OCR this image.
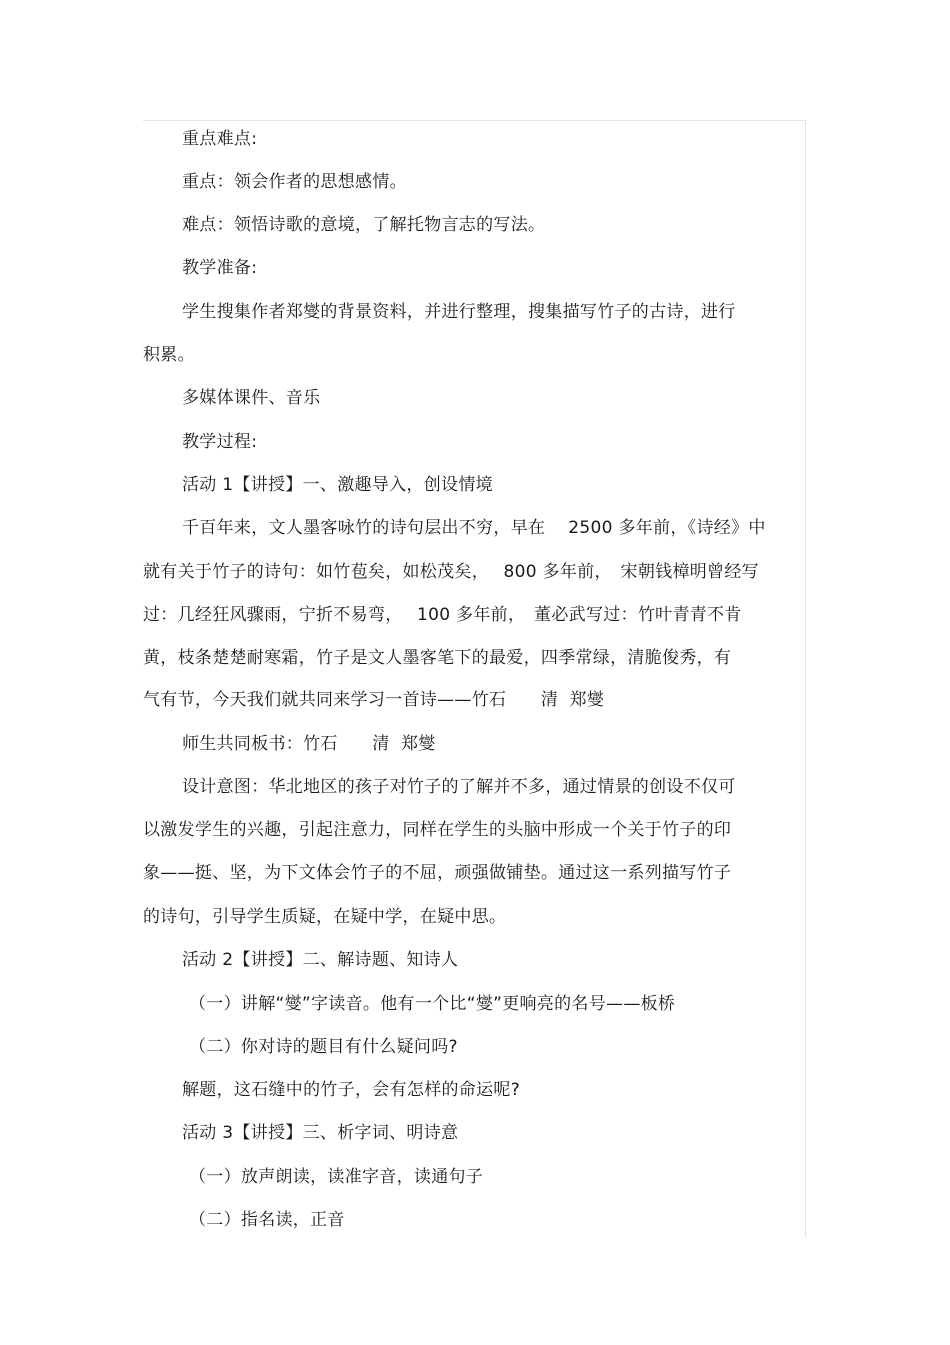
重点难点:
重点：领会作者的思想感情。
难点：领悟诗歌的意境，了解托物言志的写法。
教学准备:
学生搜集作者郑燮的背景资料，并进行整理，搜集描写竹子的古诗，进行
积累。
多媒体课件、音乐
教学过程:
活动 1【讲授】一、激趣导入，创设情境
千百年来，文人墨客咏竹的诗句层出不穷，早在　 2500 多年前，《诗经》中
就有关于竹子的诗句：如竹苞矣，如松茂矣，　 800 多年前，　宋朝钱樟明曾经写
过：几经狂风骤雨，宁折不易弯，　 100 多年前，　董必武写过：竹叶青青不肯
黄，枝条楚楚耐寒霜，竹子是文人墨客笔下的最爱，四季常绿，清脆俊秀，有
气有节，今天我们就共同来学习一首诗——竹石　　清  郑燮
师生共同板书：竹石　　清  郑燮
设计意图：华北地区的孩子对竹子的了解并不多，通过情景的创设不仅可
以激发学生的兴趣，引起注意力，同样在学生的头脑中形成一个关于竹子的印
象——挺、坚，为下文体会竹子的不屈，顽强做铺垫。通过这一系列描写竹子
的诗句，引导学生质疑，在疑中学，在疑中思。
活动 2【讲授】二、解诗题、知诗人
（一）讲解“燮”字读音。他有一个比“燮”更响亮的名号——板桥
（二）你对诗的题目有什么疑问吗?
解题，这石缝中的竹子，会有怎样的命运呢?
活动 3【讲授】三、析字词、明诗意
（一）放声朗读，读准字音，读通句子
（二）指名读，正音
